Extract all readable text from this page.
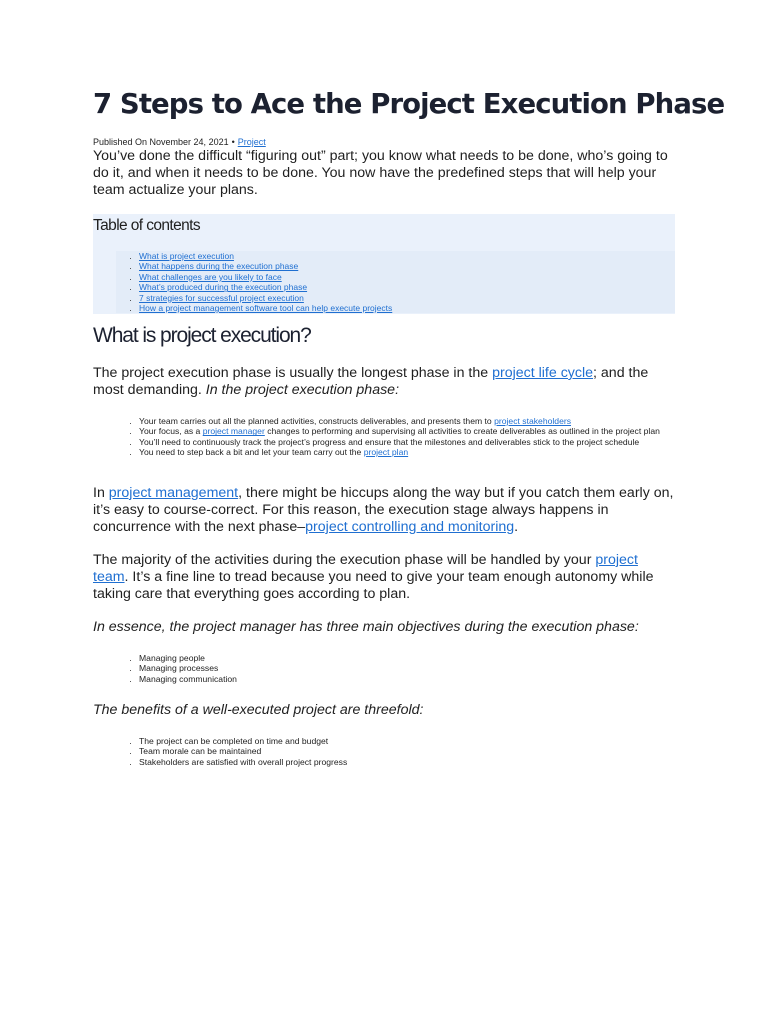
7 Steps to Ace the Project Execution Phase
Published On November 24, 2021 • Project

You’ve done the difficult “figuring out” part; you know what needs to be done, who’s going to do it, and when it needs to be done. You now have the predefined steps that will help your team actualize your plans.

Table of contents
• What is project execution
• What happens during the execution phase
• What challenges are you likely to face
• What’s produced during the execution phase
• 7 strategies for successful project execution
• How a project management software tool can help execute projects
What is project execution?

The project execution phase is usually the longest phase in the project life cycle; and the most demanding. In the project execution phase:

• Your team carries out all the planned activities, constructs deliverables, and presents them to project stakeholders
• Your focus, as a project manager changes to performing and supervising all activities to create deliverables as outlined in the project plan
• You’ll need to continuously track the project’s progress and ensure that the milestones and deliverables stick to the project schedule
• You need to step back a bit and let your team carry out the project plan

In project management, there might be hiccups along the way but if you catch them early on, it’s easy to course-correct. For this reason, the execution stage always happens in concurrence with the next phase–project controlling and monitoring.

The majority of the activities during the execution phase will be handled by your project team. It’s a fine line to tread because you need to give your team enough autonomy while taking care that everything goes according to plan.

In essence, the project manager has three main objectives during the execution phase:

• Managing people
• Managing processes
• Managing communication

The benefits of a well-executed project are threefold:

• The project can be completed on time and budget
• Team morale can be maintained
• Stakeholders are satisfied with overall project progress
